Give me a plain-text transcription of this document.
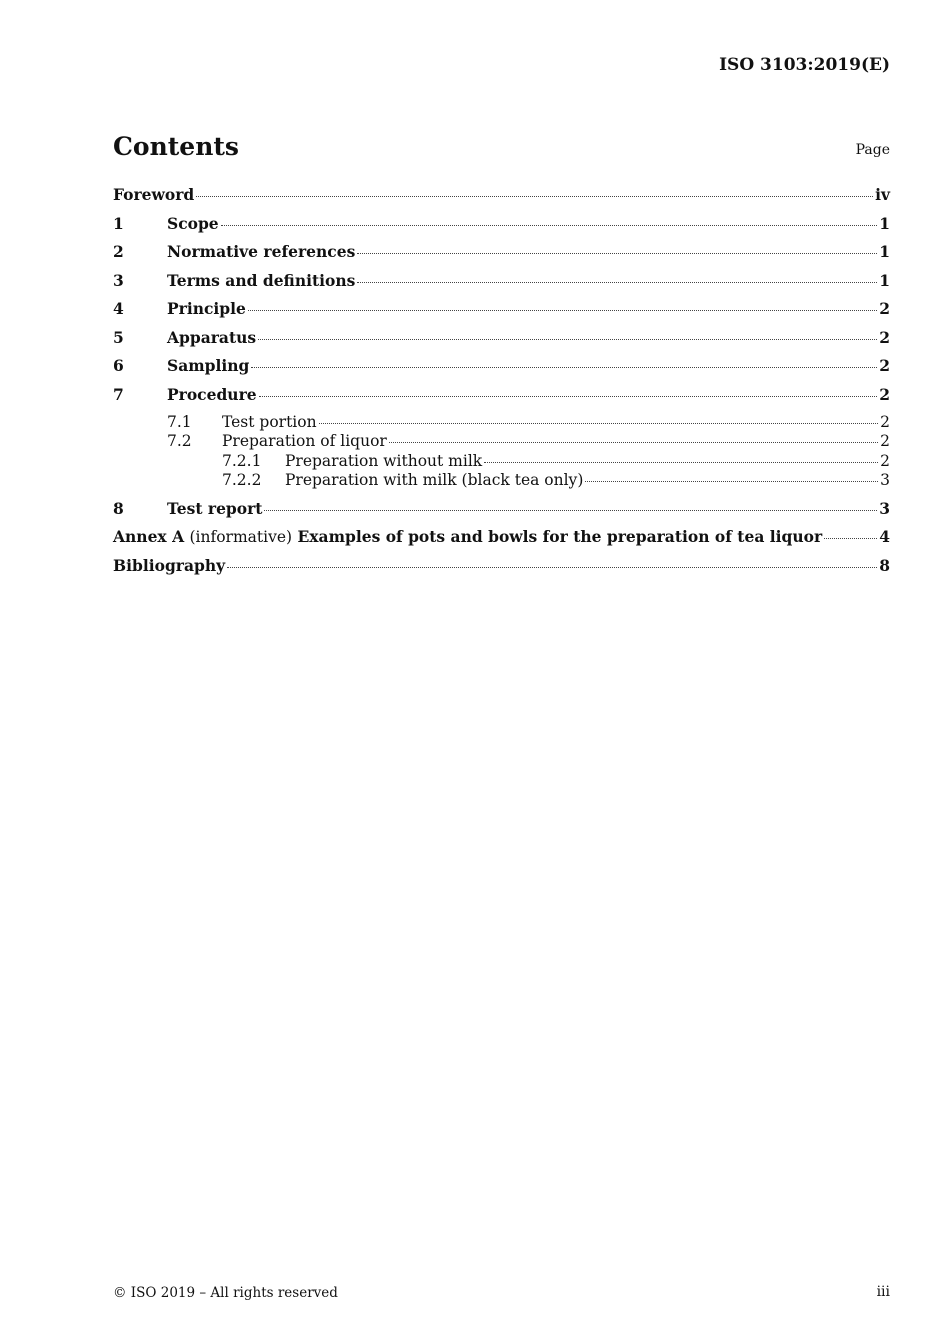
ISO 3103:2019(E)
Contents	Page
Foreword	iv
1	Scope	1
2	Normative references	1
3	Terms and definitions	1
4	Principle	2
5	Apparatus	2
6	Sampling	2
7	Procedure	2
7.1	Test portion	2
7.2	Preparation of liquor	2
7.2.1	Preparation without milk	2
7.2.2	Preparation with milk (black tea only)	3
8	Test report	3
Annex A (informative) Examples of pots and bowls for the preparation of tea liquor	4
Bibliography	8
© ISO 2019 – All rights reserved	iii
